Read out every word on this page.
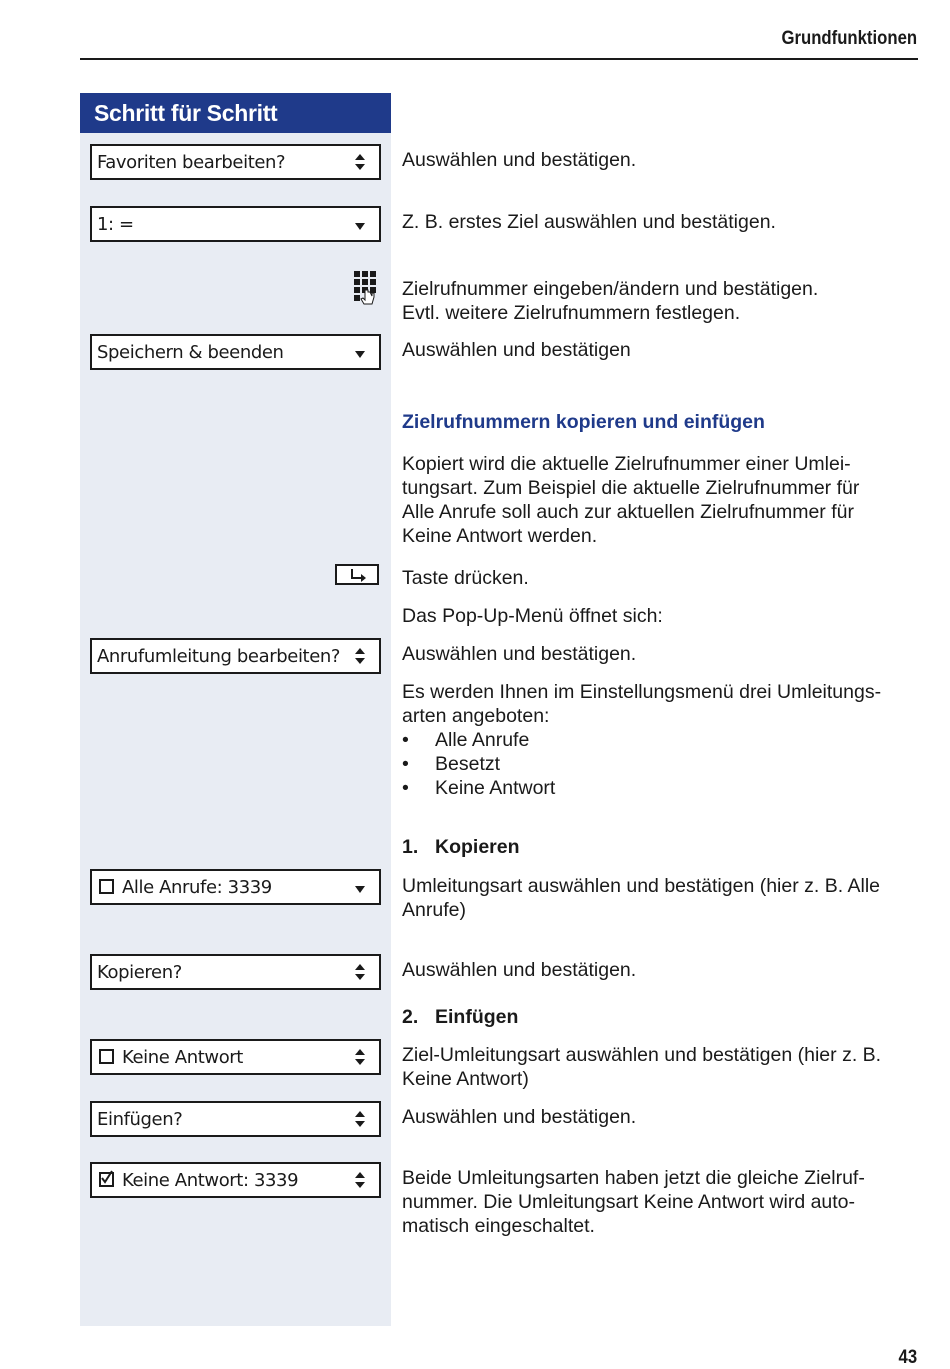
Grundfunktionen
Schritt für Schritt
Favoriten bearbeiten?
1: =
Speichern & beenden
Anrufumleitung bearbeiten?
Alle Anrufe: 3339
Kopieren?
Keine Antwort
Einfügen?
Keine Antwort: 3339
Auswählen und bestätigen.
Z. B. erstes Ziel auswählen und bestätigen.
Zielrufnummer eingeben/ändern und bestätigen.
Evtl. weitere Zielrufnummern festlegen.
Auswählen und bestätigen
Zielrufnummern kopieren und einfügen
Kopiert wird die aktuelle Zielrufnummer einer Umlei-
tungsart. Zum Beispiel die aktuelle Zielrufnummer für
Alle Anrufe soll auch zur aktuellen Zielrufnummer für
Keine Antwort werden.
Taste drücken.
Das Pop-Up-Menü öffnet sich:
Auswählen und bestätigen.
Es werden Ihnen im Einstellungsmenü drei Umleitungs-
arten angeboten:
• Alle Anrufe
• Besetzt
• Keine Antwort
1. Kopieren
Umleitungsart auswählen und bestätigen (hier z. B. Alle
Anrufe)
Auswählen und bestätigen.
2. Einfügen
Ziel-Umleitungsart auswählen und bestätigen (hier z. B.
Keine Antwort)
Auswählen und bestätigen.
Beide Umleitungsarten haben jetzt die gleiche Zielruf-
nummer. Die Umleitungsart Keine Antwort wird auto-
matisch eingeschaltet.
43
